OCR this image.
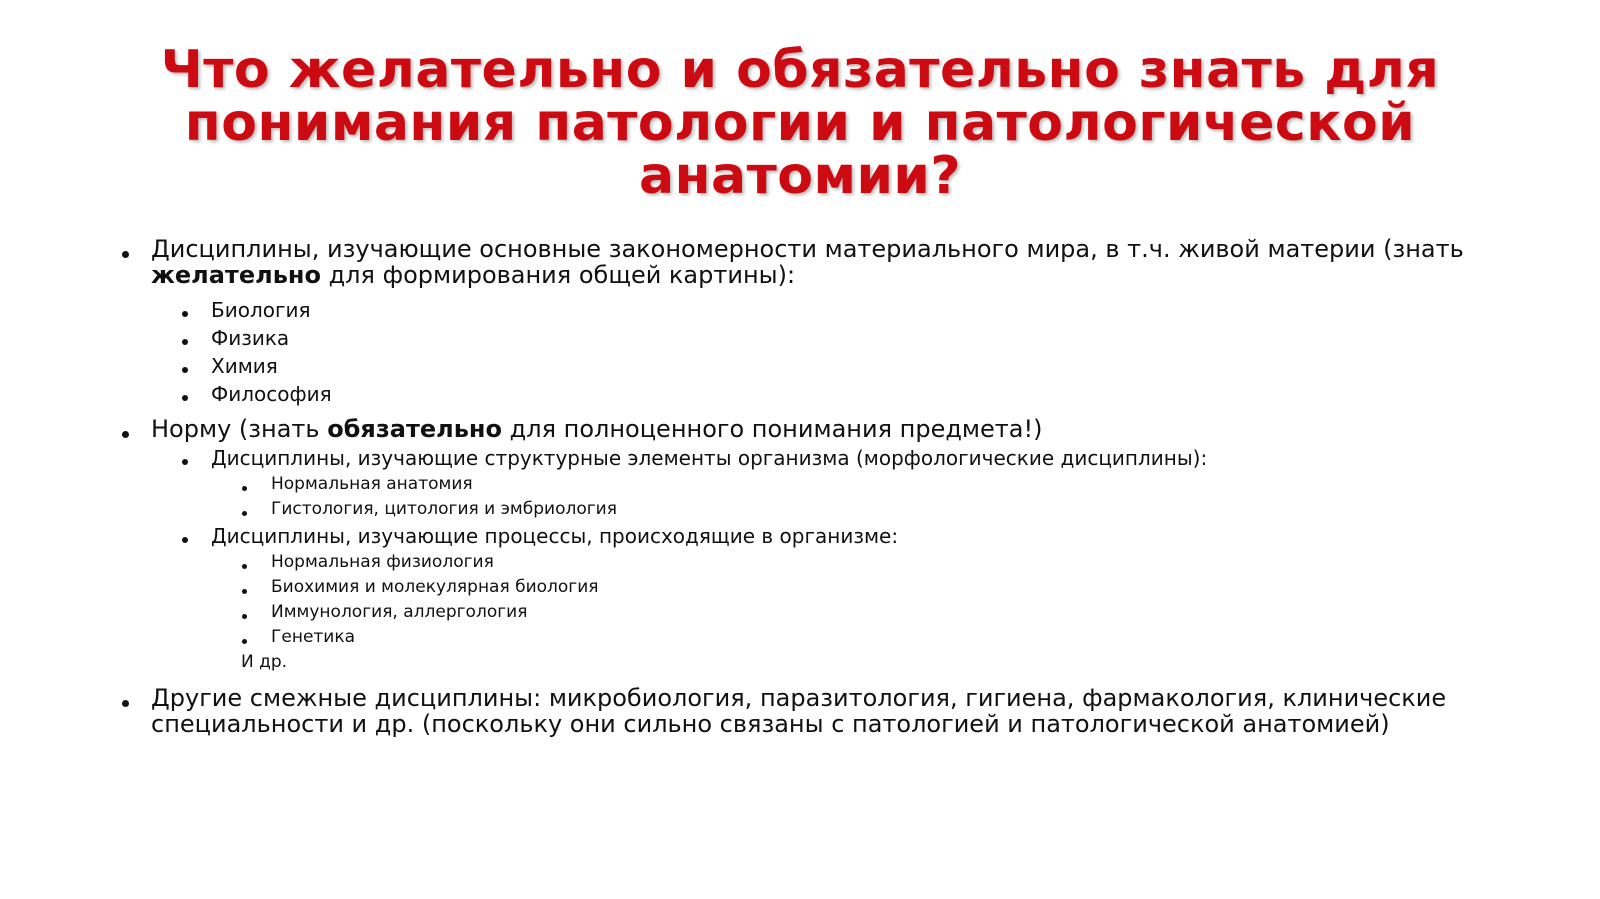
Что желательно и обязательно знать для
понимания патологии и патологической
анатомии?
Дисциплины, изучающие основные закономерности материального мира, в т.ч. живой материи (знать
желательно для формирования общей картины):
Биология
Физика
Химия
Философия
Норму (знать обязательно для полноценного понимания предмета!)
Дисциплины, изучающие структурные элементы организма (морфологические дисциплины):
Нормальная анатомия
Гистология, цитология и эмбриология
Дисциплины, изучающие процессы, происходящие в организме:
Нормальная физиология
Биохимия и молекулярная биология
Иммунология, аллергология
Генетика
И др.
Другие смежные дисциплины: микробиология, паразитология, гигиена, фармакология, клинические
специальности и др. (поскольку они сильно связаны с патологией и патологической анатомией)
